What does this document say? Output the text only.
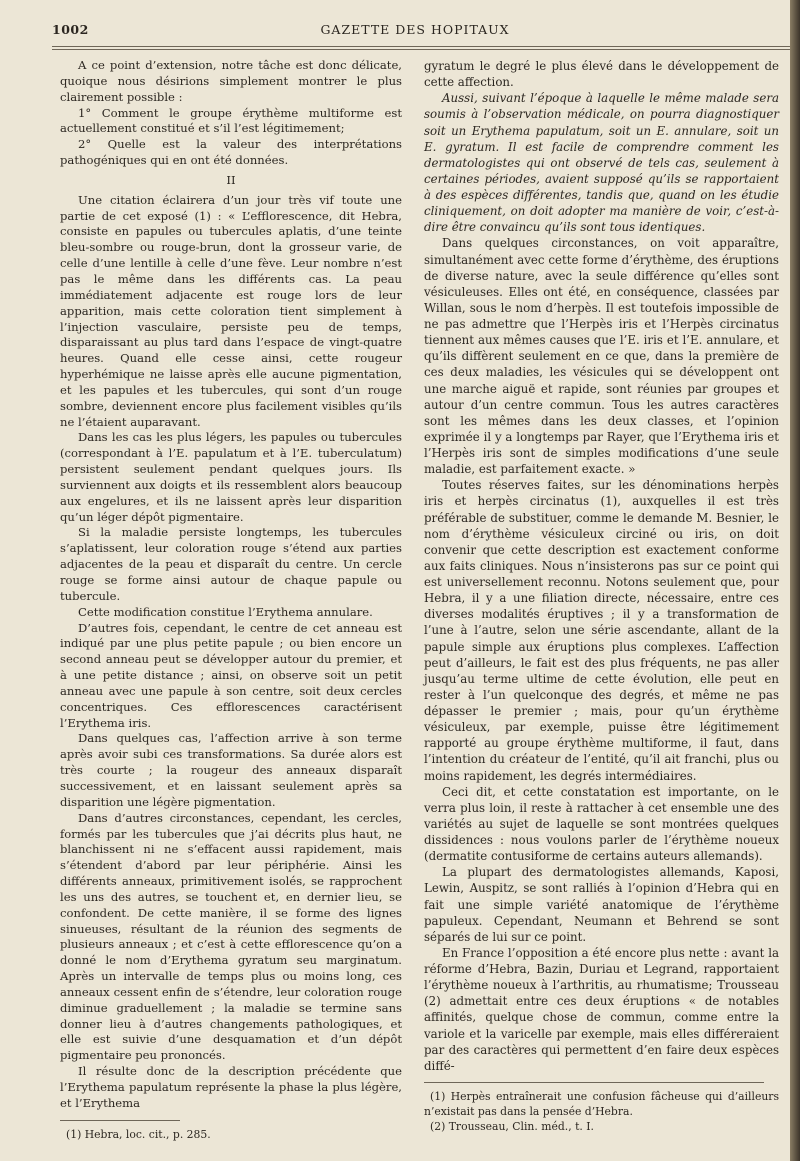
1002	GAZETTE DES HOPITAUX

A ce point d’extension, notre tâche est donc délicate, quoique nous désirions simplement montrer le plus clairement possible :

1° Comment le groupe érythème multiforme est actuellement constitué et s’il l’est légitimement;

2° Quelle est la valeur des interprétations pathogéniques qui en ont été données.

II

Une citation éclairera d’un jour très vif toute une partie de cet exposé (1) : « L’efflorescence, dit Hebra, consiste en papules ou tubercules aplatis, d’une teinte bleu-sombre ou rouge-brun, dont la grosseur varie, de celle d’une lentille à celle d’une fève. Leur nombre n’est pas le même dans les différents cas. La peau immédiatement adjacente est rouge lors de leur apparition, mais cette coloration tient simplement à l’injection vasculaire, persiste peu de temps, disparaissant au plus tard dans l’espace de vingt-quatre heures. Quand elle cesse ainsi, cette rougeur hyperhémique ne laisse après elle aucune pigmentation, et les papules et les tubercules, qui sont d’un rouge sombre, deviennent encore plus facilement visibles qu’ils ne l’étaient auparavant.

Dans les cas les plus légers, les papules ou tubercules (correspondant à l’E. papulatum et à l’E. tuberculatum) persistent seulement pendant quelques jours. Ils surviennent aux doigts et ils ressemblent alors beaucoup aux engelures, et ils ne laissent après leur disparition qu’un léger dépôt pigmentaire.

Si la maladie persiste longtemps, les tubercules s’aplatissent, leur coloration rouge s’étend aux parties adjacentes de la peau et disparaît du centre. Un cercle rouge se forme ainsi autour de chaque papule ou tubercule.

Cette modification constitue l’Erythema annulare.

D’autres fois, cependant, le centre de cet anneau est indiqué par une plus petite papule ; ou bien encore un second anneau peut se développer autour du premier, et à une petite distance ; ainsi, on observe soit un petit anneau avec une papule à son centre, soit deux cercles concentriques. Ces efflorescences caractérisent l’Erythema iris.

Dans quelques cas, l’affection arrive à son terme après avoir subi ces transformations. Sa durée alors est très courte ; la rougeur des anneaux disparaît successivement, et en laissant seulement après sa disparition une légère pigmentation.

Dans d’autres circonstances, cependant, les cercles, formés par les tubercules que j’ai décrits plus haut, ne blanchissent ni ne s’effacent aussi rapidement, mais s’étendent d’abord par leur périphérie. Ainsi les différents anneaux, primitivement isolés, se rapprochent les uns des autres, se touchent et, en dernier lieu, se confondent. De cette manière, il se forme des lignes sinueuses, résultant de la réunion des segments de plusieurs anneaux ; et c’est à cette efflorescence qu’on a donné le nom d’Erythema gyratum seu marginatum. Après un intervalle de temps plus ou moins long, ces anneaux cessent enfin de s’étendre, leur coloration rouge diminue graduellement ; la maladie se termine sans donner lieu à d’autres changements pathologiques, et elle est suivie d’une desquamation et d’un dépôt pigmentaire peu prononcés.

Il résulte donc de la description précédente que l’Erythema papulatum représente la phase la plus légère, et l’Erythema

(1) Hebra, loc. cit., p. 285.

gyratum le degré le plus élevé dans le développement de cette affection.

Aussi, suivant l’époque à laquelle le même malade sera soumis à l’observation médicale, on pourra diagnostiquer soit un Erythema papulatum, soit un E. annulare, soit un E. gyratum. Il est facile de comprendre comment les dermatologistes qui ont observé de tels cas, seulement à certaines périodes, avaient supposé qu’ils se rapportaient à des espèces différentes, tandis que, quand on les étudie cliniquement, on doit adopter ma manière de voir, c’est-à-dire être convaincu qu’ils sont tous identiques.

Dans quelques circonstances, on voit apparaître, simultanément avec cette forme d’érythème, des éruptions de diverse nature, avec la seule différence qu’elles sont vésiculeuses. Elles ont été, en conséquence, classées par Willan, sous le nom d’herpès. Il est toutefois impossible de ne pas admettre que l’Herpès iris et l’Herpès circinatus tiennent aux mêmes causes que l’E. iris et l’E. annulare, et qu’ils diffèrent seulement en ce que, dans la première de ces deux maladies, les vésicules qui se développent ont une marche aiguë et rapide, sont réunies par groupes et autour d’un centre commun. Tous les autres caractères sont les mêmes dans les deux classes, et l’opinion exprimée il y a longtemps par Rayer, que l’Erythema iris et l’Herpès iris sont de simples modifications d’une seule maladie, est parfaitement exacte. »

Toutes réserves faites, sur les dénominations herpès iris et herpès circinatus (1), auxquelles il est très préférable de substituer, comme le demande M. Besnier, le nom d’érythème vésiculeux circiné ou iris, on doit convenir que cette description est exactement conforme aux faits cliniques. Nous n’insisterons pas sur ce point qui est universellement reconnu. Notons seulement que, pour Hebra, il y a une filiation directe, nécessaire, entre ces diverses modalités éruptives ; il y a transformation de l’une à l’autre, selon une série ascendante, allant de la papule simple aux éruptions plus complexes. L’affection peut d’ailleurs, le fait est des plus fréquents, ne pas aller jusqu’au terme ultime de cette évolution, elle peut en rester à l’un quelconque des degrés, et même ne pas dépasser le premier ; mais, pour qu’un érythème vésiculeux, par exemple, puisse être légitimement rapporté au groupe érythème multiforme, il faut, dans l’intention du créateur de l’entité, qu’il ait franchi, plus ou moins rapidement, les degrés intermédiaires.

Ceci dit, et cette constatation est importante, on le verra plus loin, il reste à rattacher à cet ensemble une des variétés au sujet de laquelle se sont montrées quelques dissidences : nous voulons parler de l’érythème noueux (dermatite contusiforme de certains auteurs allemands).

La plupart des dermatologistes allemands, Kaposi, Lewin, Auspitz, se sont ralliés à l’opinion d’Hebra qui en fait une simple variété anatomique de l’érythème papuleux. Cependant, Neumann et Behrend se sont séparés de lui sur ce point.

En France l’opposition a été encore plus nette : avant la réforme d’Hebra, Bazin, Duriau et Legrand, rapportaient l’érythème noueux à l’arthritis, au rhumatisme; Trousseau (2) admettait entre ces deux éruptions « de notables affinités, quelque chose de commun, comme entre la variole et la varicelle par exemple, mais elles différeraient par des caractères qui permettent d’en faire deux espèces diffé-

(1) Herpès entraînerait une confusion fâcheuse qui d’ailleurs n’existait pas dans la pensée d’Hebra.

(2) Trousseau, Clin. méd., t. I.
